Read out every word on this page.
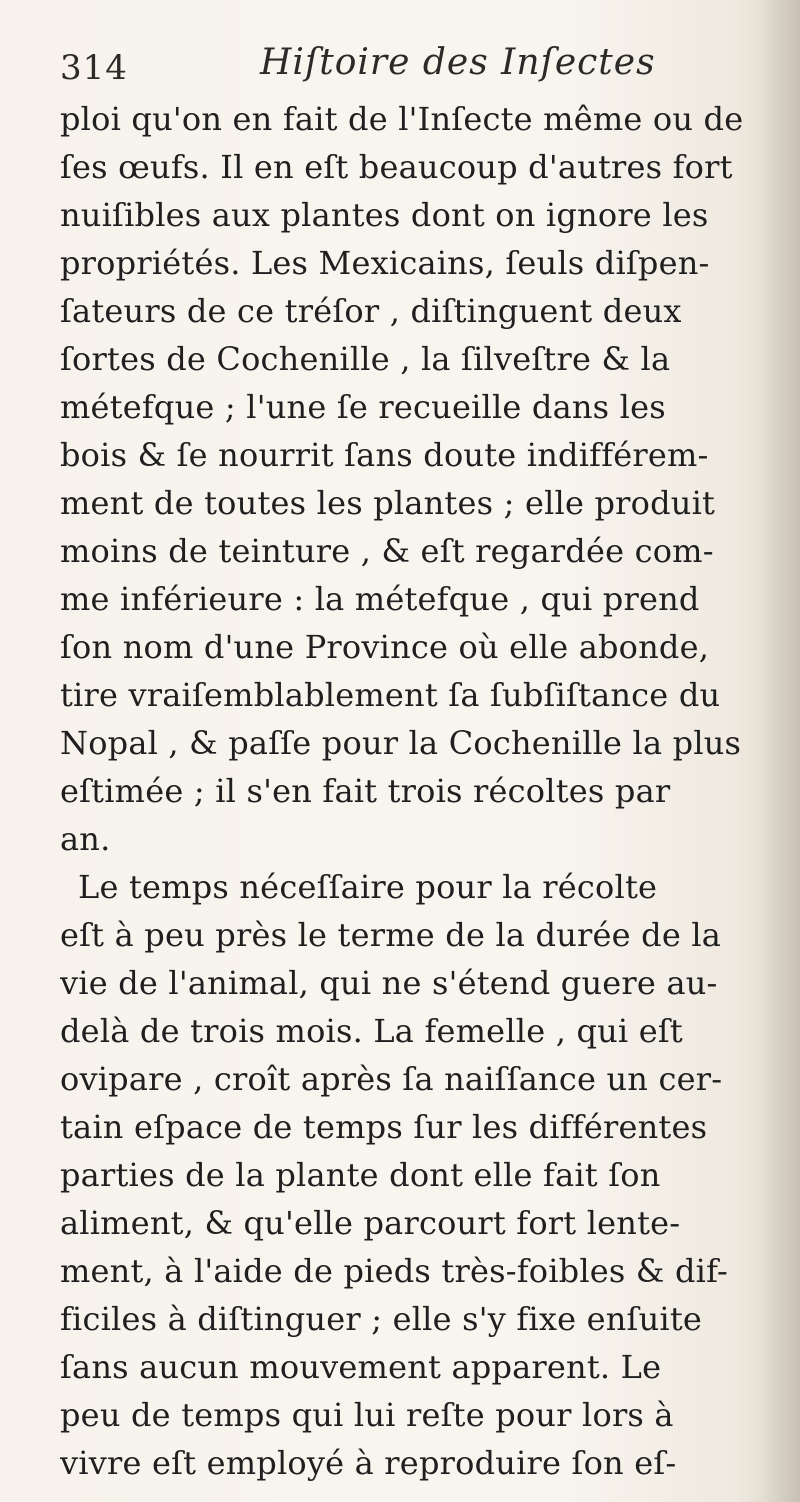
314	Hiſtoire des Inſectes
ploi qu'on en fait de l'Inſecte même ou de
ſes œufs. Il en eſt beaucoup d'autres fort
nuiſibles aux plantes dont on ignore les
propriétés. Les Mexicains, ſeuls diſpen-
ſateurs de ce tréſor , diſtinguent deux
ſortes de Cochenille , la ſilveſtre & la
métefque ; l'une ſe recueille dans les
bois & ſe nourrit ſans doute indifférem-
ment de toutes les plantes ; elle produit
moins de teinture , & eſt regardée com-
me inférieure : la métefque , qui prend
ſon nom d'une Province où elle abonde,
tire vraiſemblablement ſa ſubſiſtance du
Nopal , & paſſe pour la Cochenille la plus
eſtimée ; il s'en fait trois récoltes par
an.
Le temps néceſſaire pour la récolte
eſt à peu près le terme de la durée de la
vie de l'animal, qui ne s'étend guere au-
delà de trois mois. La femelle , qui eſt
ovipare , croît après ſa naiſſance un cer-
tain eſpace de temps ſur les différentes
parties de la plante dont elle fait ſon
aliment, & qu'elle parcourt fort lente-
ment, à l'aide de pieds très-foibles & dif-
ficiles à diſtinguer ; elle s'y fixe enſuite
ſans aucun mouvement apparent. Le
peu de temps qui lui reſte pour lors à
vivre eſt employé à reproduire ſon eſ-
